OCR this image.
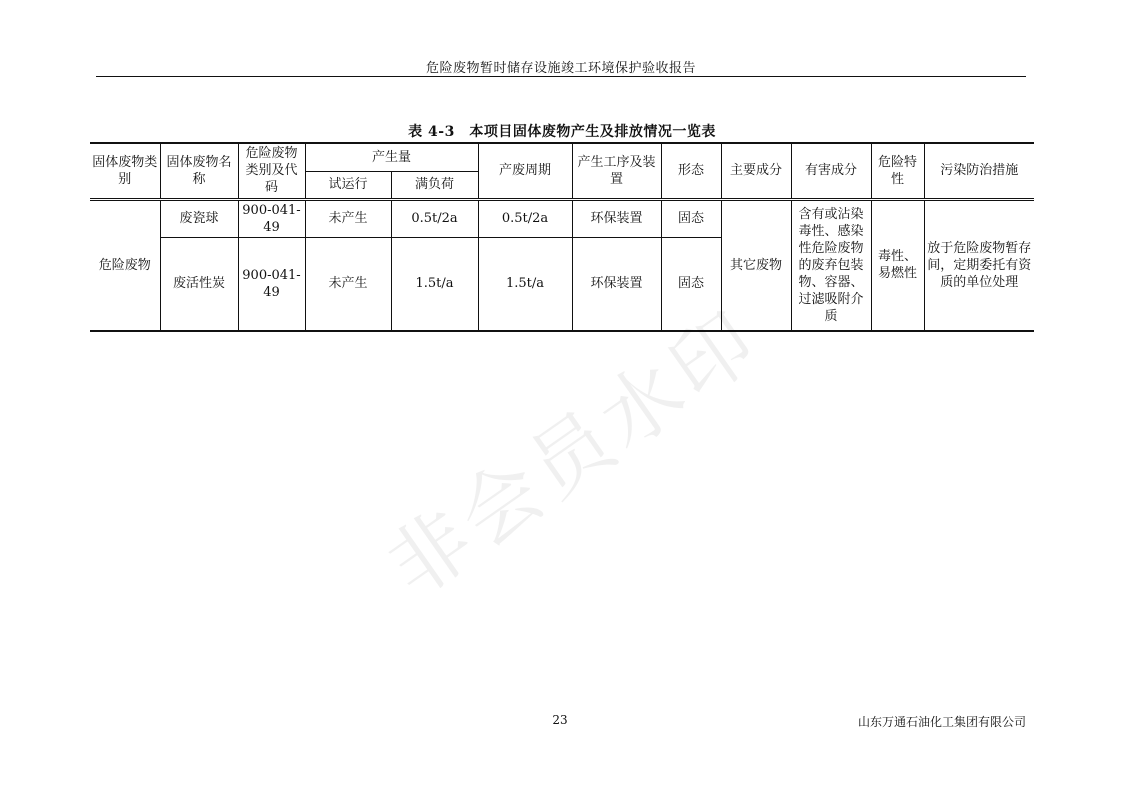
危险废物暂时储存设施竣工环境保护验收报告
表 4-3　本项目固体废物产生及排放情况一览表
固体废物类别	固体废物名称	危险废物类别及代码	产生量		产废周期	产生工序及装置	形态	主要成分	有害成分	危险特性	污染防治措施
			试运行	满负荷							
危险废物	废瓷球	900-041-49	未产生	0.5t/2a	0.5t/2a	环保装置	固态	其它废物	含有或沾染毒性、感染性危险废物的废弃包装物、容器、过滤吸附介质	毒性、易燃性	放于危险废物暂存间，定期委托有资质的单位处理
	废活性炭	900-041-49	未产生	1.5t/a	1.5t/a	环保装置	固态				
非会员水印
23	山东万通石油化工集团有限公司
